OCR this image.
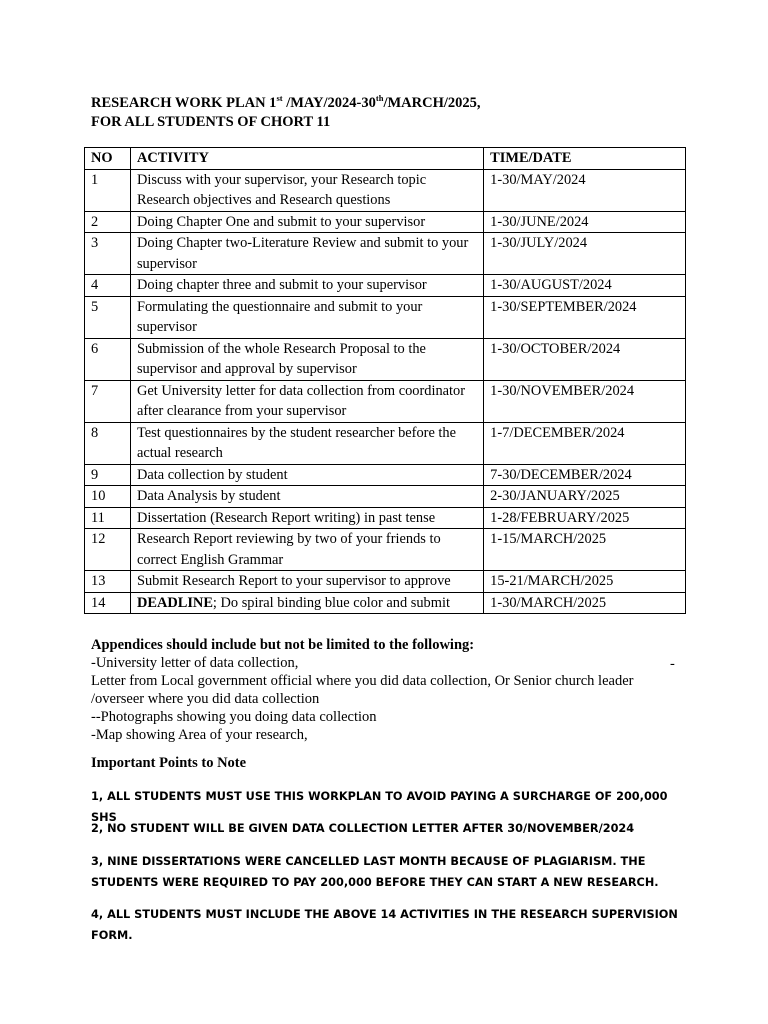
RESEARCH WORK PLAN 1st /MAY/2024-30th/MARCH/2025,
FOR ALL STUDENTS OF CHORT 11
NO	ACTIVITY	TIME/DATE
1	Discuss with your supervisor, your Research topic Research objectives and Research questions	1-30/MAY/2024
2	Doing Chapter One and submit to your supervisor	1-30/JUNE/2024
3	Doing Chapter two-Literature Review and submit to your supervisor	1-30/JULY/2024
4	Doing chapter three and submit to your supervisor	1-30/AUGUST/2024
5	Formulating the questionnaire and submit to your supervisor	1-30/SEPTEMBER/2024
6	Submission of the whole Research Proposal to the supervisor and approval by supervisor	1-30/OCTOBER/2024
7	Get University letter for data collection from coordinator after clearance from your supervisor	1-30/NOVEMBER/2024
8	Test questionnaires by the student researcher before the actual research	1-7/DECEMBER/2024
9	Data collection by student	7-30/DECEMBER/2024
10	Data Analysis by student	2-30/JANUARY/2025
11	Dissertation (Research Report writing) in past tense	1-28/FEBRUARY/2025
12	Research Report reviewing by two of your friends to correct English Grammar	1-15/MARCH/2025
13	Submit Research Report to your supervisor to approve	15-21/MARCH/2025
14	DEADLINE; Do spiral binding blue color and submit	1-30/MARCH/2025
Appendices should include but not be limited to the following:
-University letter of data collection,
Letter from Local government official where you did data collection, Or Senior church leader
/overseer where you did data collection
--Photographs showing you doing data collection
-Map showing Area of your research,
-
Important Points to Note
1, ALL STUDENTS MUST USE THIS WORKPLAN TO AVOID PAYING A SURCHARGE OF 200,000 SHS
2, NO STUDENT WILL BE GIVEN DATA COLLECTION LETTER AFTER 30/NOVEMBER/2024
3, NINE DISSERTATIONS WERE CANCELLED LAST MONTH BECAUSE OF PLAGIARISM. THE STUDENTS WERE REQUIRED TO PAY 200,000 BEFORE THEY CAN START A NEW RESEARCH.
4, ALL STUDENTS MUST INCLUDE THE ABOVE 14 ACTIVITIES IN THE RESEARCH SUPERVISION FORM.
